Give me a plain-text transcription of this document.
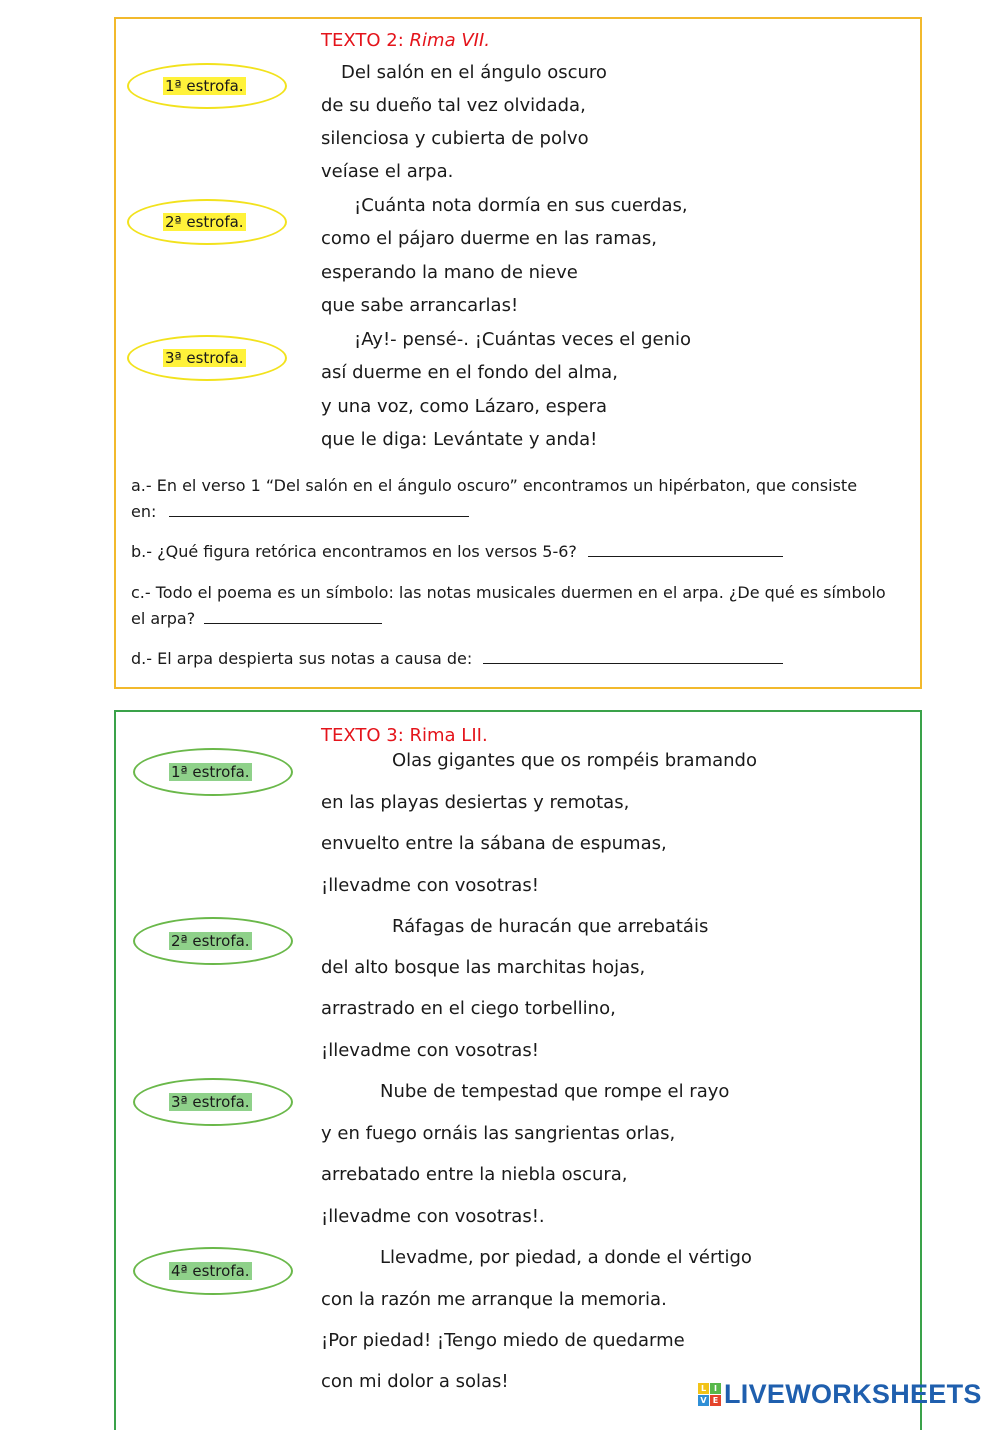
TEXTO 2: Rima VII.
1ª estrofa.
2ª estrofa.
3ª estrofa.
Del salón en el ángulo oscuro
de su dueño tal vez olvidada,
silenciosa y cubierta de polvo
veíase el arpa.
¡Cuánta nota dormía en sus cuerdas,
como el pájaro duerme en las ramas,
esperando la mano de nieve
que sabe arrancarlas!
¡Ay!- pensé-. ¡Cuántas veces el genio
así duerme en el fondo del alma,
y una voz, como Lázaro, espera
que le diga: Levántate y anda!
a.- En el verso 1 “Del salón en el ángulo oscuro” encontramos un hipérbaton, que consiste
en:
b.- ¿Qué figura retórica encontramos en los versos 5-6?
c.- Todo el poema es un símbolo: las notas musicales duermen en el arpa. ¿De qué es símbolo
el arpa?
d.- El arpa despierta sus notas a causa de:
TEXTO 3: Rima LII.
1ª estrofa.
2ª estrofa.
3ª estrofa.
4ª estrofa.
Olas gigantes que os rompéis bramando
en las playas desiertas y remotas,
envuelto entre la sábana de espumas,
¡llevadme con vosotras!
Ráfagas de huracán que arrebatáis
del alto bosque las marchitas hojas,
arrastrado en el ciego torbellino,
¡llevadme con vosotras!
Nube de tempestad que rompe el rayo
y en fuego ornáis las sangrientas orlas,
arrebatado entre la niebla oscura,
¡llevadme con vosotras!.
Llevadme, por piedad, a donde el vértigo
con la razón me arranque la memoria.
¡Por piedad! ¡Tengo miedo de quedarme
con mi dolor a solas!	L I
V E LIVEWORKSHEETS
